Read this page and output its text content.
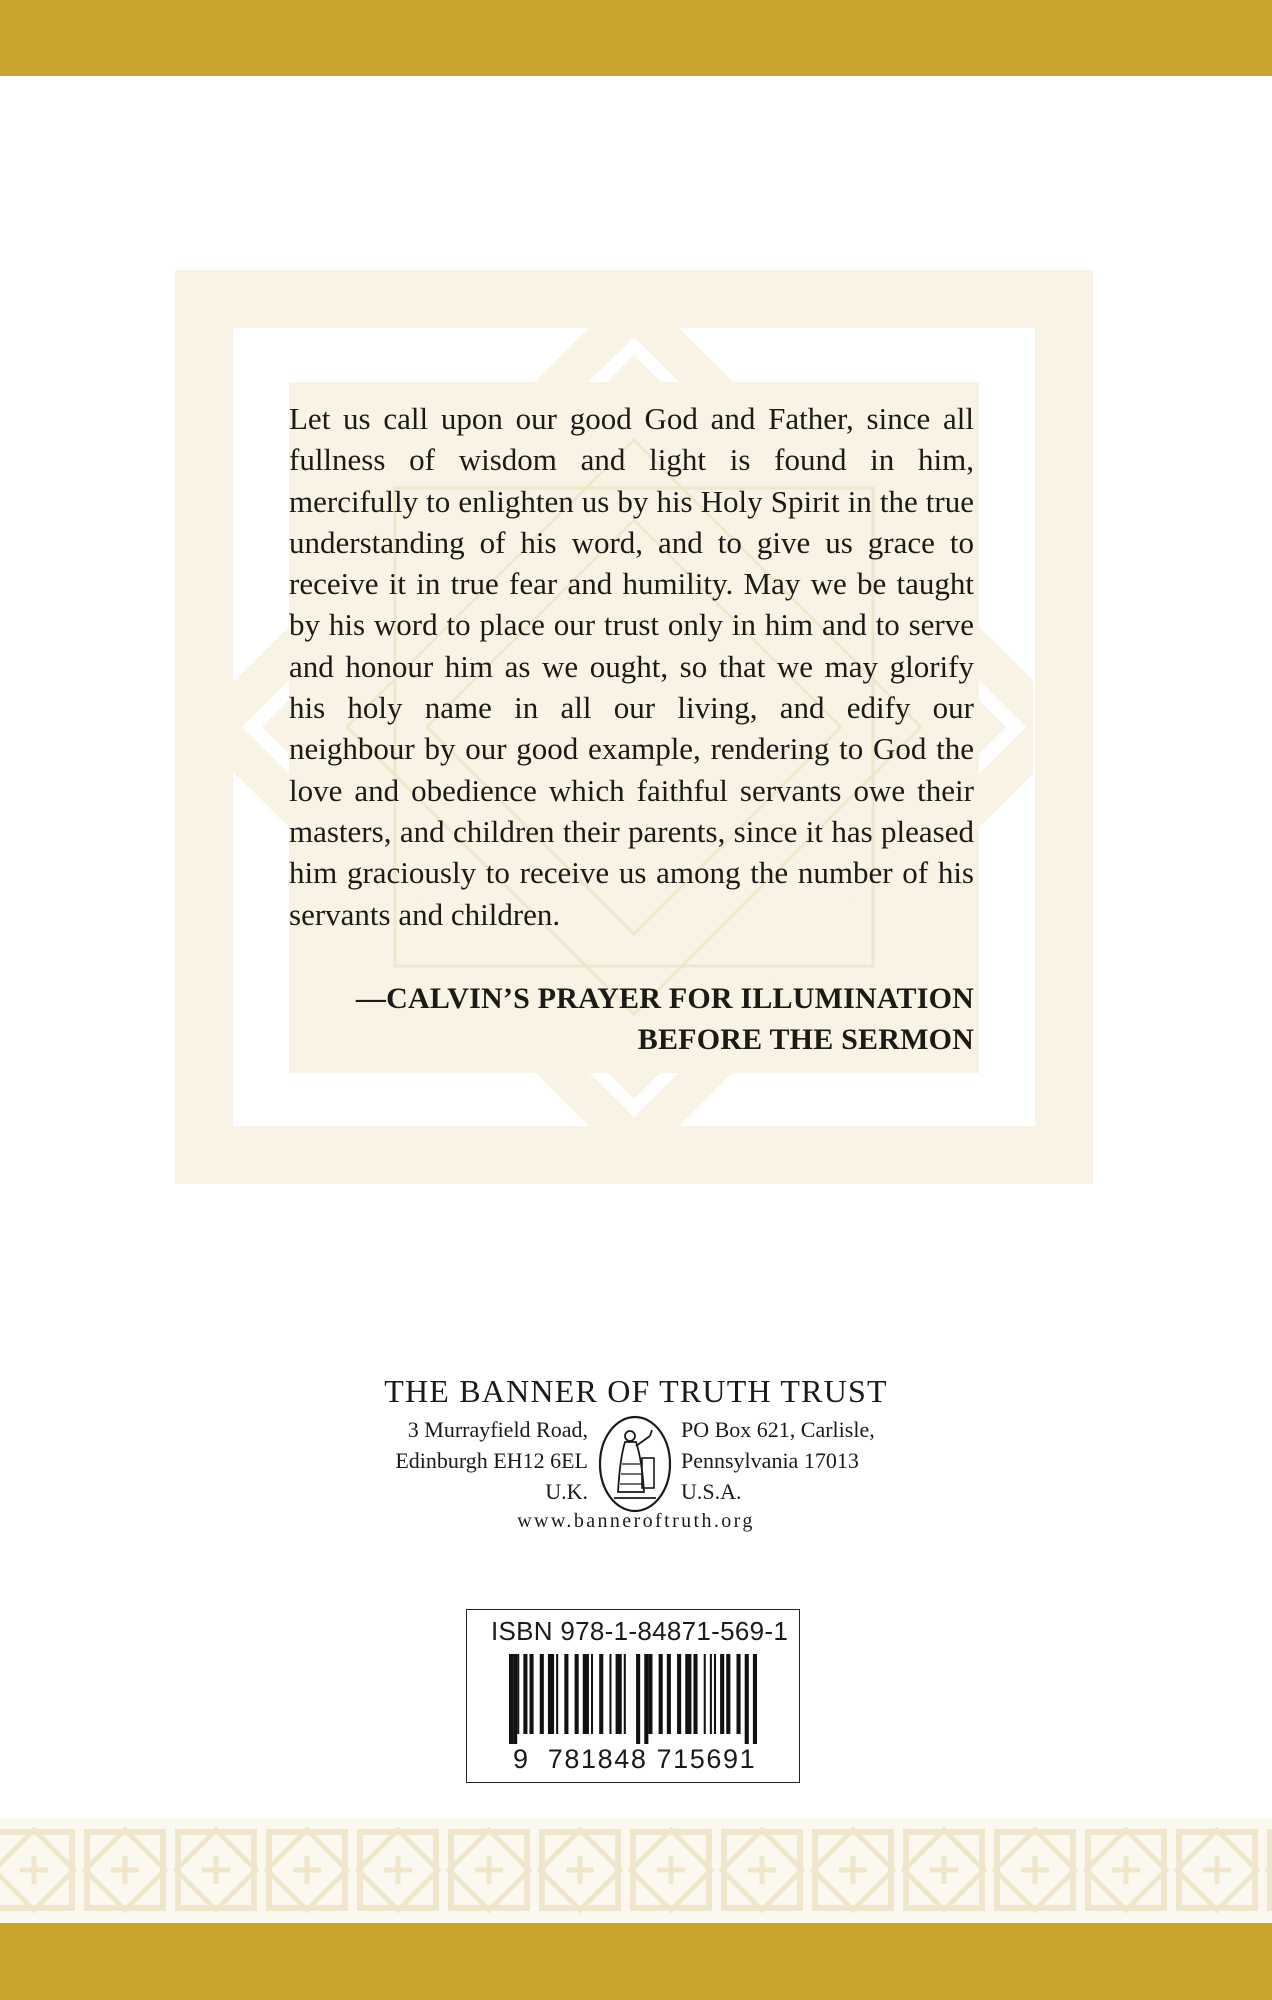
Let us call upon our good God and Father, since all fullness of wisdom and light is found in him, mercifully to enlighten us by his Holy Spirit in the true understanding of his word, and to give us grace to receive it in true fear and humility. May we be taught by his word to place our trust only in him and to serve and honour him as we ought, so that we may glorify his holy name in all our living, and edify our neighbour by our good example, rendering to God the love and obedience which faithful servants owe their masters, and children their parents, since it has pleased him graciously to receive us among the number of his servants and children.

—CALVIN’S PRAYER FOR ILLUMINATION
BEFORE THE SERMON
THE BANNER OF TRUTH TRUST
3 Murrayfield Road,
Edinburgh EH12 6EL
U.K.
PO Box 621, Carlisle,
Pennsylvania 17013
U.S.A.
www.banneroftruth.org
ISBN 978-1-84871-569-1
9 781848 715691
